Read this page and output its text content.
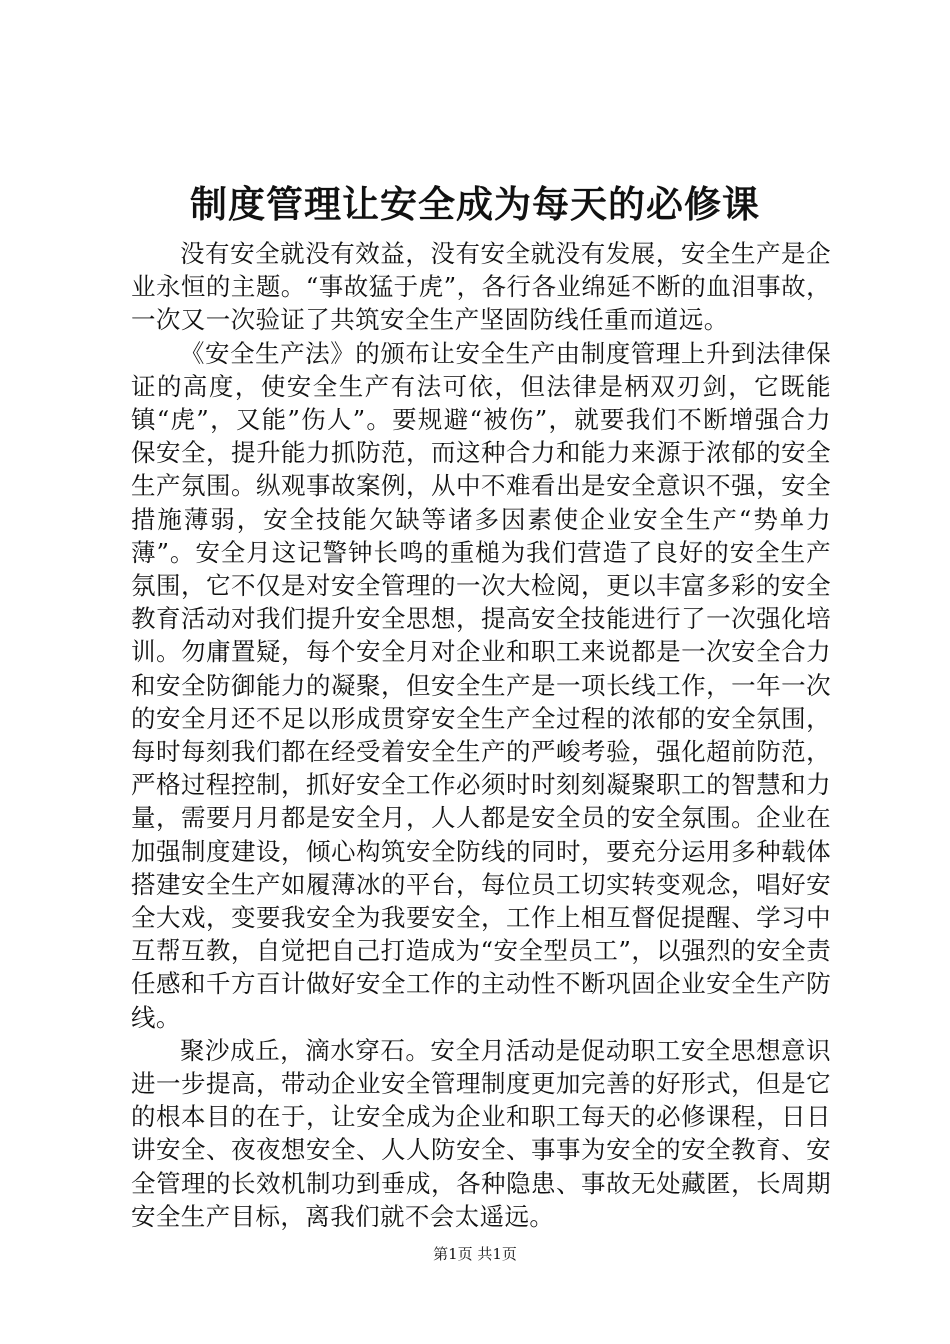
制度管理让安全成为每天的必修课

没有安全就没有效益，没有安全就没有发展，安全生产是企业永恒的主题。“事故猛于虎”，各行各业绵延不断的血泪事故，一次又一次验证了共筑安全生产坚固防线任重而道远。

《安全生产法》的颁布让安全生产由制度管理上升到法律保证的高度，使安全生产有法可依，但法律是柄双刃剑，它既能镇“虎”，又能”伤人”。要规避“被伤”，就要我们不断增强合力保安全，提升能力抓防范，而这种合力和能力来源于浓郁的安全生产氛围。纵观事故案例，从中不难看出是安全意识不强，安全措施薄弱，安全技能欠缺等诸多因素使企业安全生产“势单力薄”。安全月这记警钟长鸣的重槌为我们营造了良好的安全生产氛围，它不仅是对安全管理的一次大检阅，更以丰富多彩的安全教育活动对我们提升安全思想，提高安全技能进行了一次强化培训。勿庸置疑，每个安全月对企业和职工来说都是一次安全合力和安全防御能力的凝聚，但安全生产是一项长线工作，一年一次的安全月还不足以形成贯穿安全生产全过程的浓郁的安全氛围，每时每刻我们都在经受着安全生产的严峻考验，强化超前防范，严格过程控制，抓好安全工作必须时时刻刻凝聚职工的智慧和力量，需要月月都是安全月，人人都是安全员的安全氛围。企业在加强制度建设，倾心构筑安全防线的同时，要充分运用多种载体搭建安全生产如履薄冰的平台，每位员工切实转变观念，唱好安全大戏，变要我安全为我要安全，工作上相互督促提醒、学习中互帮互教，自觉把自己打造成为“安全型员工”，以强烈的安全责任感和千方百计做好安全工作的主动性不断巩固企业安全生产防线。

聚沙成丘，滴水穿石。安全月活动是促动职工安全思想意识进一步提高，带动企业安全管理制度更加完善的好形式，但是它的根本目的在于，让安全成为企业和职工每天的必修课程，日日讲安全、夜夜想安全、人人防安全、事事为安全的安全教育、安全管理的长效机制功到垂成，各种隐患、事故无处藏匿，长周期安全生产目标，离我们就不会太遥远。

第1页 共1页
